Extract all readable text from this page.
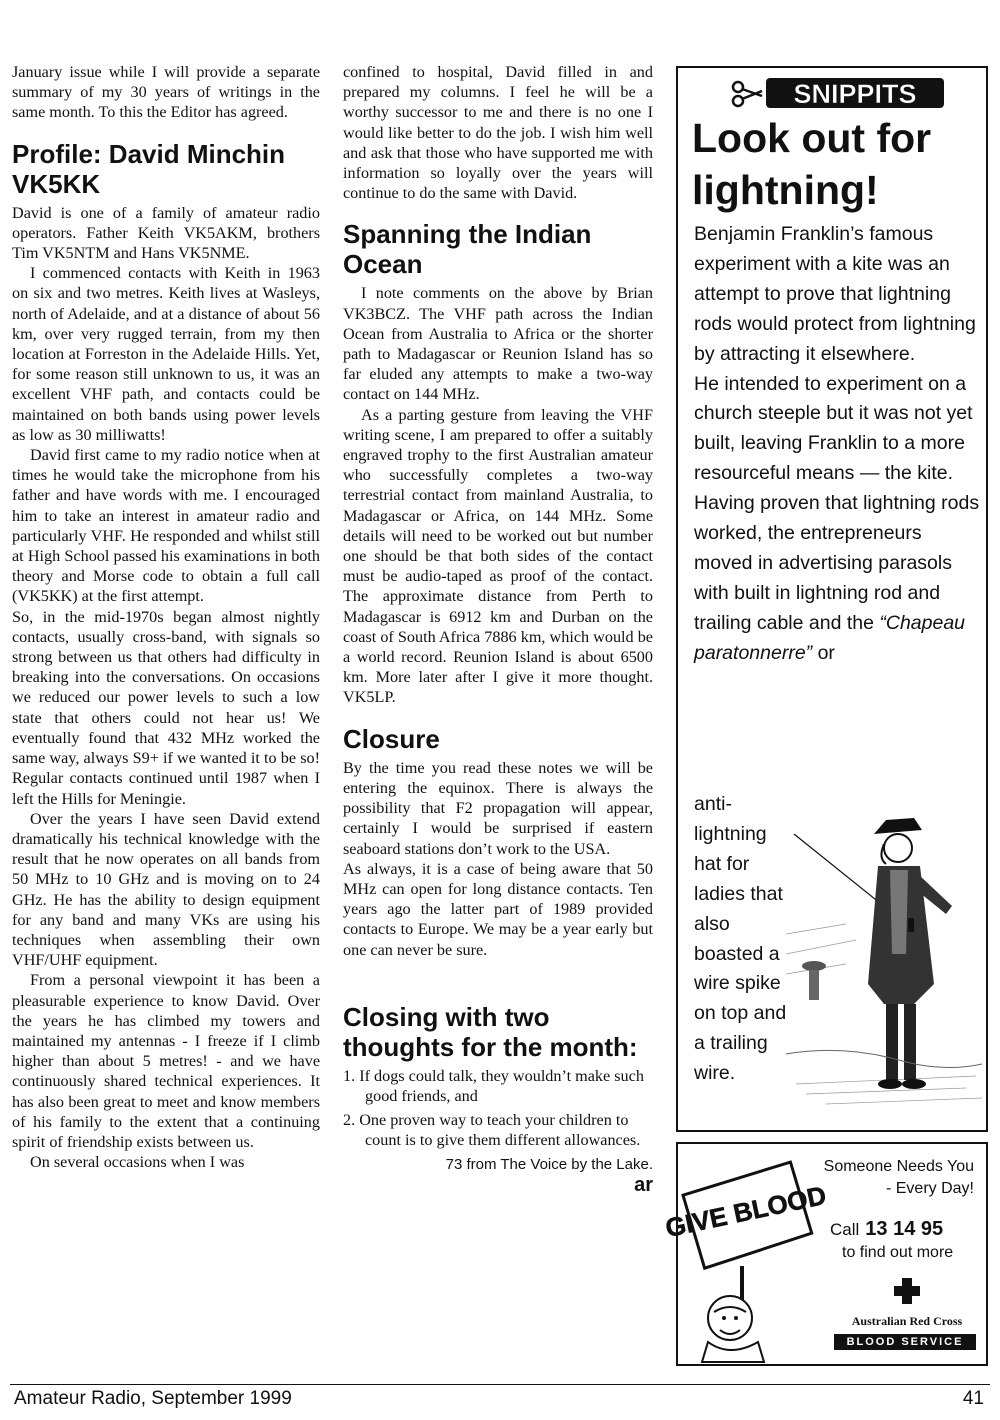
January issue while I will provide a separate summary of my 30 years of writings in the same month. To this the Editor has agreed.

Profile: David Minchin VK5KK

David is one of a family of amateur radio operators. Father Keith VK5AKM, brothers Tim VK5NTM and Hans VK5NME.

I commenced contacts with Keith in 1963 on six and two metres. Keith lives at Wasleys, north of Adelaide, and at a distance of about 56 km, over very rugged terrain, from my then location at Forreston in the Adelaide Hills. Yet, for some reason still unknown to us, it was an excellent VHF path, and contacts could be maintained on both bands using power levels as low as 30 milliwatts!

David first came to my radio notice when at times he would take the microphone from his father and have words with me. I encouraged him to take an interest in amateur radio and particularly VHF. He responded and whilst still at High School passed his examinations in both theory and Morse code to obtain a full call (VK5KK) at the first attempt.

So, in the mid-1970s began almost nightly contacts, usually cross-band, with signals so strong between us that others had difficulty in breaking into the conversations. On occasions we reduced our power levels to such a low state that others could not hear us! We eventually found that 432 MHz worked the same way, always S9+ if we wanted it to be so! Regular contacts continued until 1987 when I left the Hills for Meningie.

Over the years I have seen David extend dramatically his technical knowledge with the result that he now operates on all bands from 50 MHz to 10 GHz and is moving on to 24 GHz. He has the ability to design equipment for any band and many VKs are using his techniques when assembling their own VHF/UHF equipment.

From a personal viewpoint it has been a pleasurable experience to know David. Over the years he has climbed my towers and maintained my antennas - I freeze if I climb higher than about 5 metres! - and we have continuously shared technical experiences. It has also been great to meet and know members of his family to the extent that a continuing spirit of friendship exists between us.

On several occasions when I was

confined to hospital, David filled in and prepared my columns. I feel he will be a worthy successor to me and there is no one I would like better to do the job. I wish him well and ask that those who have supported me with information so loyally over the years will continue to do the same with David.

Spanning the Indian Ocean

I note comments on the above by Brian VK3BCZ. The VHF path across the Indian Ocean from Australia to Africa or the shorter path to Madagascar or Reunion Island has so far eluded any attempts to make a two-way contact on 144 MHz.

As a parting gesture from leaving the VHF writing scene, I am prepared to offer a suitably engraved trophy to the first Australian amateur who successfully completes a two-way terrestrial contact from mainland Australia, to Madagascar or Africa, on 144 MHz. Some details will need to be worked out but number one should be that both sides of the contact must be audio-taped as proof of the contact. The approximate distance from Perth to Madagascar is 6912 km and Durban on the coast of South Africa 7886 km, which would be a world record. Reunion Island is about 6500 km. More later after I give it more thought. VK5LP.

Closure

By the time you read these notes we will be entering the equinox. There is always the possibility that F2 propagation will appear, certainly I would be surprised if eastern seaboard stations don’t work to the USA.

As always, it is a case of being aware that 50 MHz can open for long distance contacts. Ten years ago the latter part of 1989 provided contacts to Europe. We may be a year early but one can never be sure.

Closing with two thoughts for the month:
1. If dogs could talk, they wouldn’t make such good friends, and
2. One proven way to teach your children to count is to give them different allowances.
73 from The Voice by the Lake.
ar
SNIPPITS
Look out for lightning!

Benjamin Franklin’s famous experiment with a kite was an attempt to prove that lightning rods would protect from lightning by attracting it elsewhere.

He intended to experiment on a church steeple but it was not yet built, leaving Franklin to a more resourceful means — the kite.

Having proven that lightning rods worked, the entrepreneurs moved in advertising parasols with built in lightning rod and trailing cable and the “Chapeau paratonnerre” or

anti-lightning hat for ladies that also boasted a wire spike on top and a trailing wire.
GIVE BLOOD
Someone Needs You
- Every Day!
Call 13 14 95
to find out more
Australian Red Cross
BLOOD SERVICE
Amateur Radio, September 1999	41
